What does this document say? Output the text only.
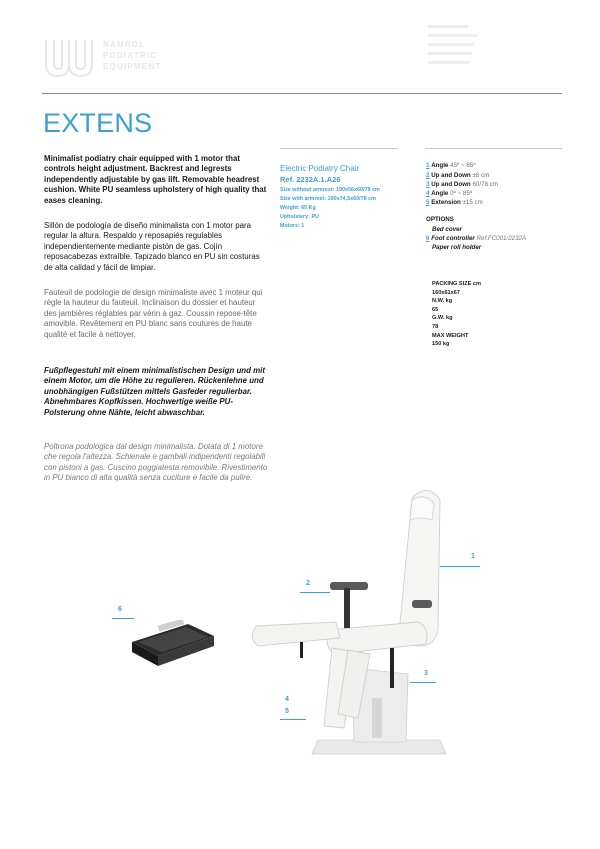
NAMROL
PODIATRIC
EQUIPMENT
EXTENS
Minimalist podiatry chair equipped with 1 motor that controls height adjustment. Backrest and legrests independently adjustable by gas lift. Removable headrest cushion. White PU seamless upholstery of high quality that eases cleaning.
Sillón de podología de diseño minimalista con 1 motor para regular la altura. Respaldo y reposapiés regulables independientemente mediante pistón de gas. Cojín reposacabezas extraíble. Tapizado blanco en PU sin costuras de alta calidad y fácil de limpiar.
Fauteuil de podologie de design minimaliste avec 1 moteur qui règle la hauteur du fauteuil. Inclinaison du dossier et hauteur des jambières réglables par vérin à gaz. Coussin repose-tête amovible. Revêtement en PU blanc sans coutures de haute qualité et facile à nettoyer.
Fußpflegestuhl mit einem minimalistischen Design und mit einem Motor, um die Höhe zu regulieren. Rückenlehne und unobhängigen Fußstützen mittels Gasfeder regulierbar. Abnehmbares Kopfkissen. Hochwertige weiße PU-Polsterung ohne Nähte, leicht abwaschbar.
Poltrona podologica dal design minimalista. Dotata di 1 motore che regola l'altezza. Schienale e gambali indipendenti regolabili con pistoni a gas. Cuscino poggiatesta removibile. Rivestimento in PU bianco di alta qualità senza cuciture e facile da pulire.
Electric Podiatry Chair
Ref. 2232A.1.A26
Size without armrest: 190x56x60/78 cm
Size with armrest: 190x74,5x60/78 cm
Weight: 65 Kg
Upholstery: PU
Motors: 1
1 Angle 45º ~ 85º
2 Up and Down ±8 cm
3 Up and Down 60/78 cm
4 Angle 0º ~ 85º
5 Extension ±15 cm
OPTIONS
Bed cover
6 Foot controller Ref.FC001/2232A
Paper roll holder
PACKING SIZE cm
160x61x67
N.W. kg
65
G.W. kg
78
MAX WEIGHT
150 kg
1
2
3
4
5
6
